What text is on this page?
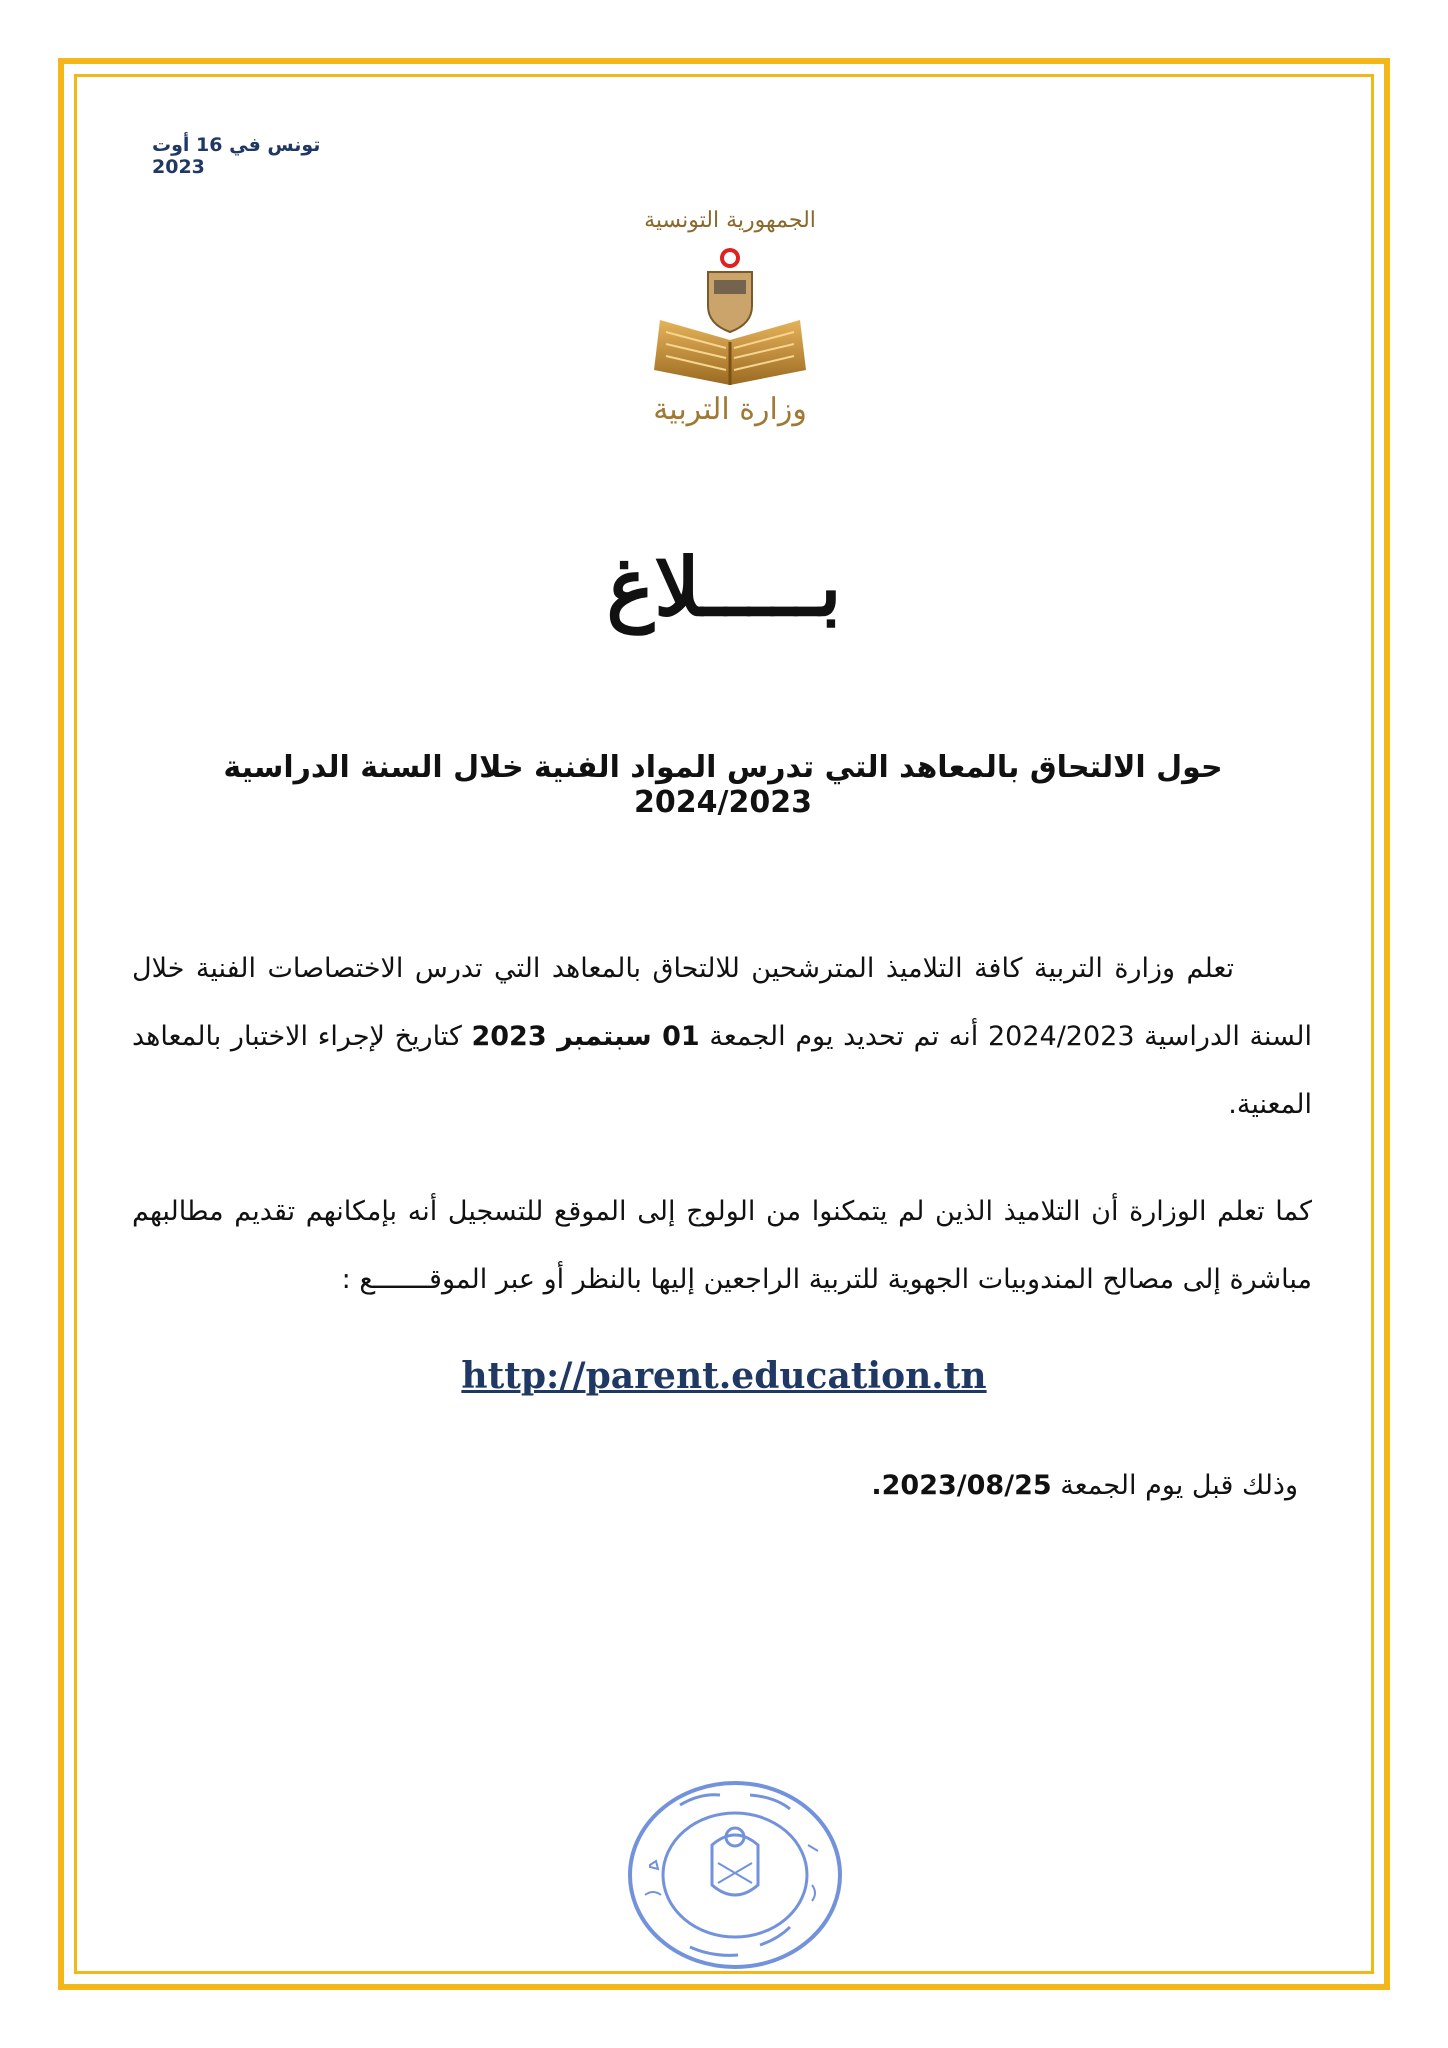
تونس في 16 أوت 2023
الجمهورية التونسية
وزارة التربية
بـــــلاغ
حول الالتحاق بالمعاهد التي تدرس المواد الفنية خلال السنة الدراسية 2024/2023
تعلم وزارة التربية كافة التلاميذ المترشحين للالتحاق بالمعاهد التي تدرس الاختصاصات الفنية خلال السنة الدراسية 2024/2023 أنه تم تحديد يوم الجمعة 01 سبتمبر 2023 كتاريخ لإجراء الاختبار بالمعاهد المعنية.
كما تعلم الوزارة أن التلاميذ الذين لم يتمكنوا من الولوج إلى الموقع للتسجيل أنه بإمكانهم تقديم مطالبهم مباشرة إلى مصالح المندوبيات الجهوية للتربية الراجعين إليها بالنظر أو عبر الموقـــــــع :
http://parent.education.tn
وذلك قبل يوم الجمعة 2023/08/25.
